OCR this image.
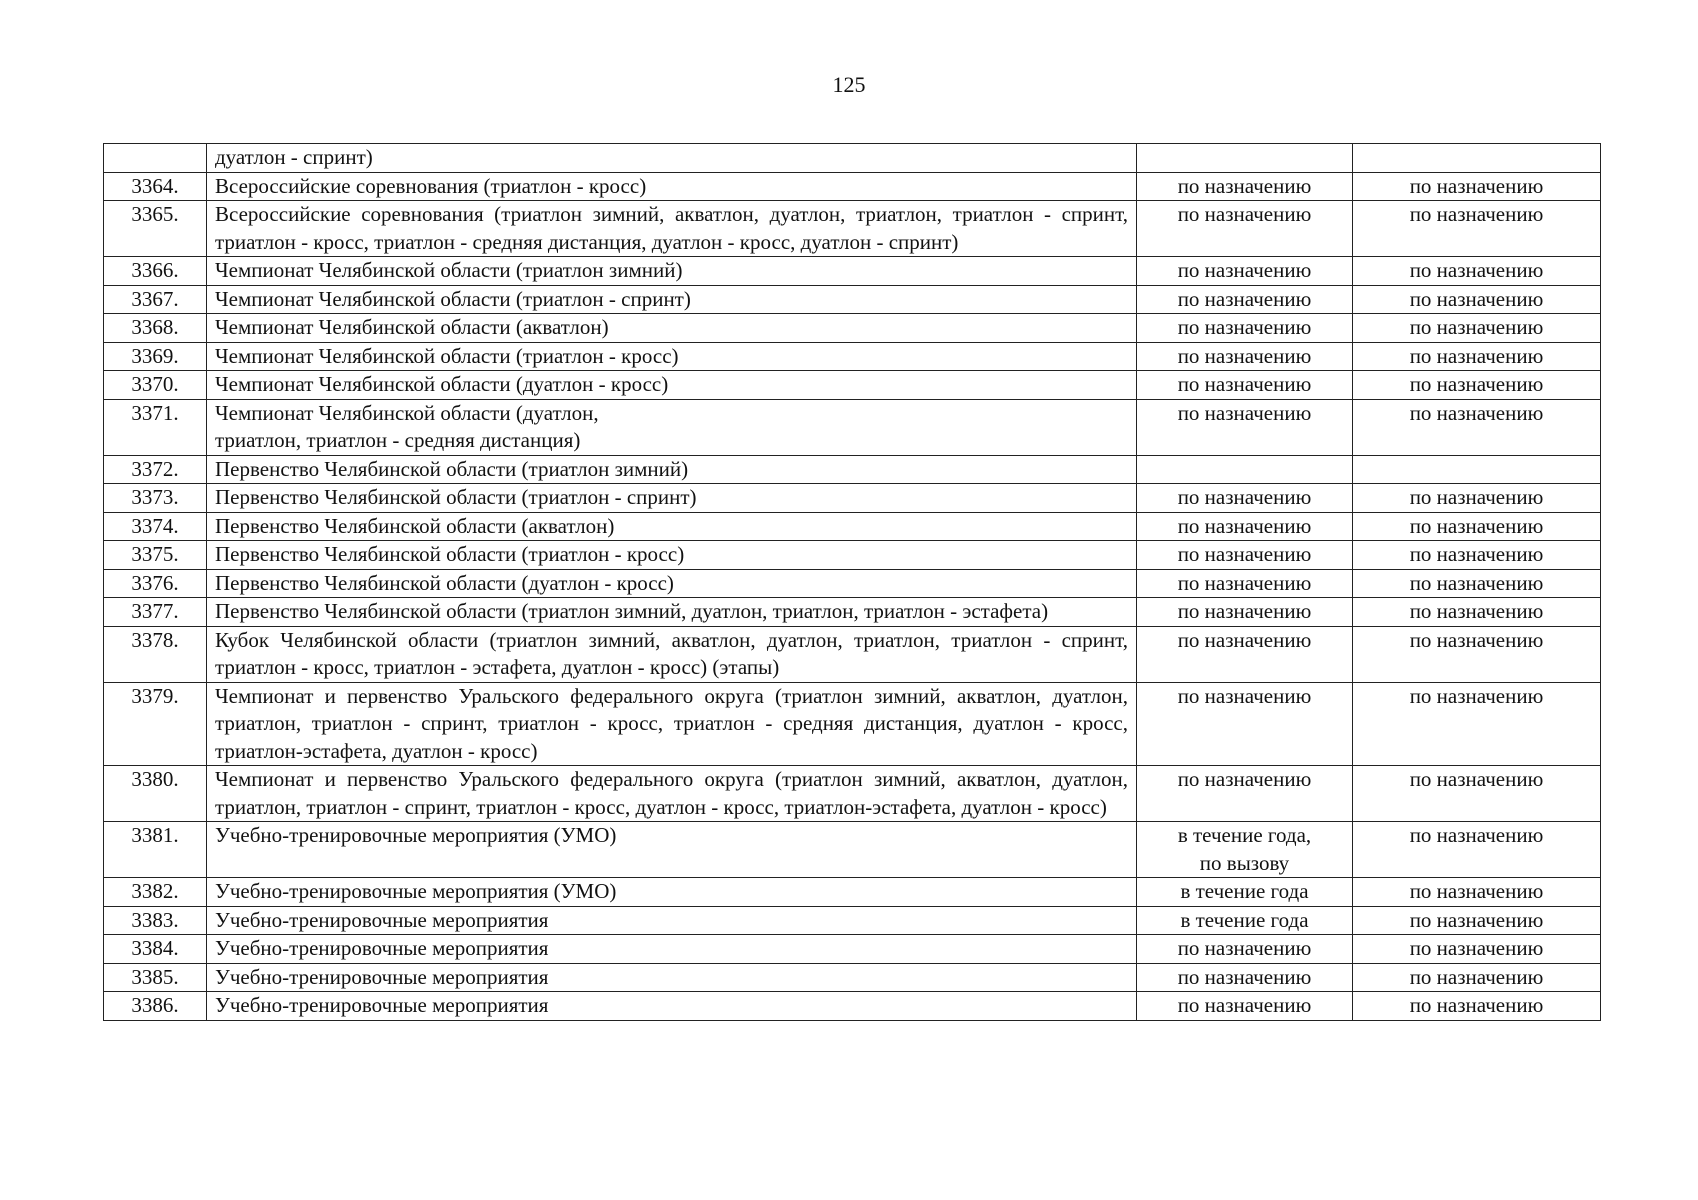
125
	дуатлон - спринт)		
3364.	Всероссийские соревнования (триатлон - кросс)	по назначению	по назначению
3365.	Всероссийские соревнования (триатлон зимний, акватлон, дуатлон, триатлон, триатлон - спринт, триатлон - кросс, триатлон - средняя дистанция, дуатлон - кросс, дуатлон - спринт)	по назначению	по назначению
3366.	Чемпионат Челябинской области (триатлон зимний)	по назначению	по назначению
3367.	Чемпионат Челябинской области (триатлон - спринт)	по назначению	по назначению
3368.	Чемпионат Челябинской области (акватлон)	по назначению	по назначению
3369.	Чемпионат Челябинской области (триатлон - кросс)	по назначению	по назначению
3370.	Чемпионат Челябинской области (дуатлон - кросс)	по назначению	по назначению
3371.	Чемпионат Челябинской области (дуатлон,
триатлон, триатлон - средняя дистанция)	по назначению	по назначению
3372.	Первенство Челябинской области (триатлон зимний)		
3373.	Первенство Челябинской области (триатлон - спринт)	по назначению	по назначению
3374.	Первенство Челябинской области (акватлон)	по назначению	по назначению
3375.	Первенство Челябинской области (триатлон - кросс)	по назначению	по назначению
3376.	Первенство Челябинской области (дуатлон - кросс)	по назначению	по назначению
3377.	Первенство Челябинской области (триатлон зимний, дуатлон, триатлон, триатлон - эстафета)	по назначению	по назначению
3378.	Кубок Челябинской области (триатлон зимний, акватлон, дуатлон, триатлон, триатлон - спринт, триатлон - кросс, триатлон - эстафета, дуатлон - кросс) (этапы)	по назначению	по назначению
3379.	Чемпионат и первенство Уральского федерального округа (триатлон зимний, акватлон, дуатлон, триатлон, триатлон - спринт, триатлон - кросс, триатлон - средняя дистанция, дуатлон - кросс, триатлон-эстафета, дуатлон - кросс)	по назначению	по назначению
3380.	Чемпионат и первенство Уральского федерального округа (триатлон зимний, акватлон, дуатлон, триатлон, триатлон - спринт, триатлон - кросс, дуатлон - кросс, триатлон-эстафета, дуатлон - кросс)	по назначению	по назначению
3381.	Учебно-тренировочные мероприятия (УМО)	в течение года,
по вызову	по назначению
3382.	Учебно-тренировочные мероприятия (УМО)	в течение года	по назначению
3383.	Учебно-тренировочные мероприятия	в течение года	по назначению
3384.	Учебно-тренировочные мероприятия	по назначению	по назначению
3385.	Учебно-тренировочные мероприятия	по назначению	по назначению
3386.	Учебно-тренировочные мероприятия	по назначению	по назначению
